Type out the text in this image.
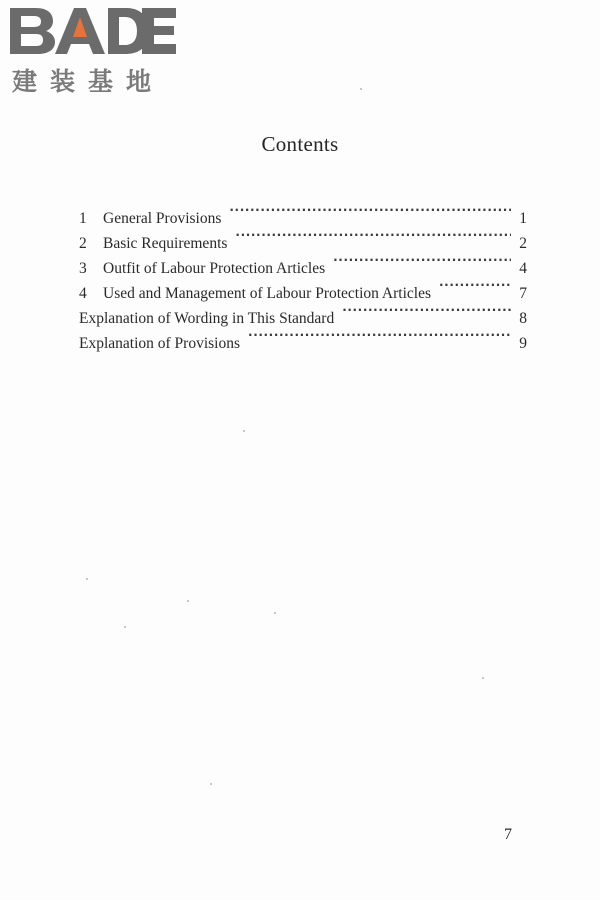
建装基地
Contents
1	General Provisions ·····	1
2	Basic Requirements ·····	2
3	Outfit of Labour Protection Articles ·····	4
4	Used and Management of Labour Protection Articles ·····	7
Explanation of Wording in This Standard ·····	8
Explanation of Provisions ·····	9
7
